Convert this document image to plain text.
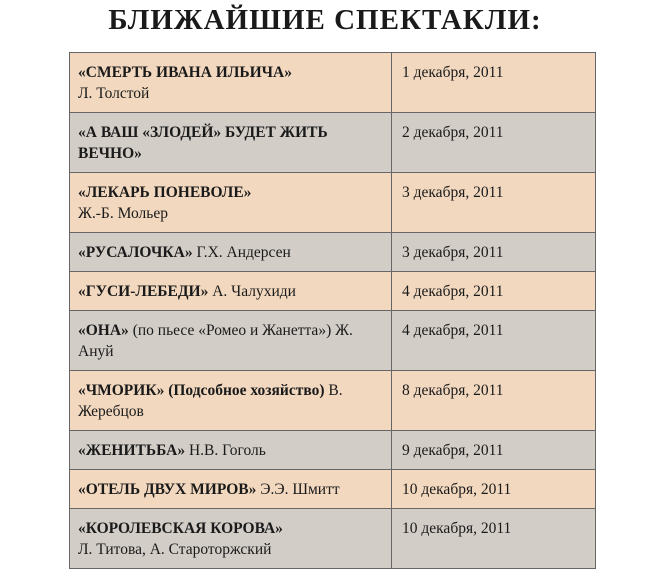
БЛИЖАЙШИЕ СПЕКТАКЛИ:
«СМЕРТЬ ИВАНА ИЛЬИЧА»
Л. Толстой	1 декабря, 2011
«А ВАШ «ЗЛОДЕЙ» БУДЕТ ЖИТЬ ВЕЧНО»	2 декабря, 2011
«ЛЕКАРЬ ПОНЕВОЛЕ»
Ж.-Б. Мольер	3 декабря, 2011
«РУСАЛОЧКА» Г.Х. Андерсен	3 декабря, 2011
«ГУСИ-ЛЕБЕДИ» А. Чалухиди	4 декабря, 2011
«ОНА» (по пьесе «Ромео и Жанетта») Ж. Ануй	4 декабря, 2011
«ЧМОРИК» (Подсобное хозяйство) В. Жеребцов	8 декабря, 2011
«ЖЕНИТЬБА» Н.В. Гоголь	9 декабря, 2011
«ОТЕЛЬ ДВУХ МИРОВ» Э.Э. Шмитт	10 декабря, 2011
«КОРОЛЕВСКАЯ КОРОВА»
Л. Титова, А. Староторжский	10 декабря, 2011
